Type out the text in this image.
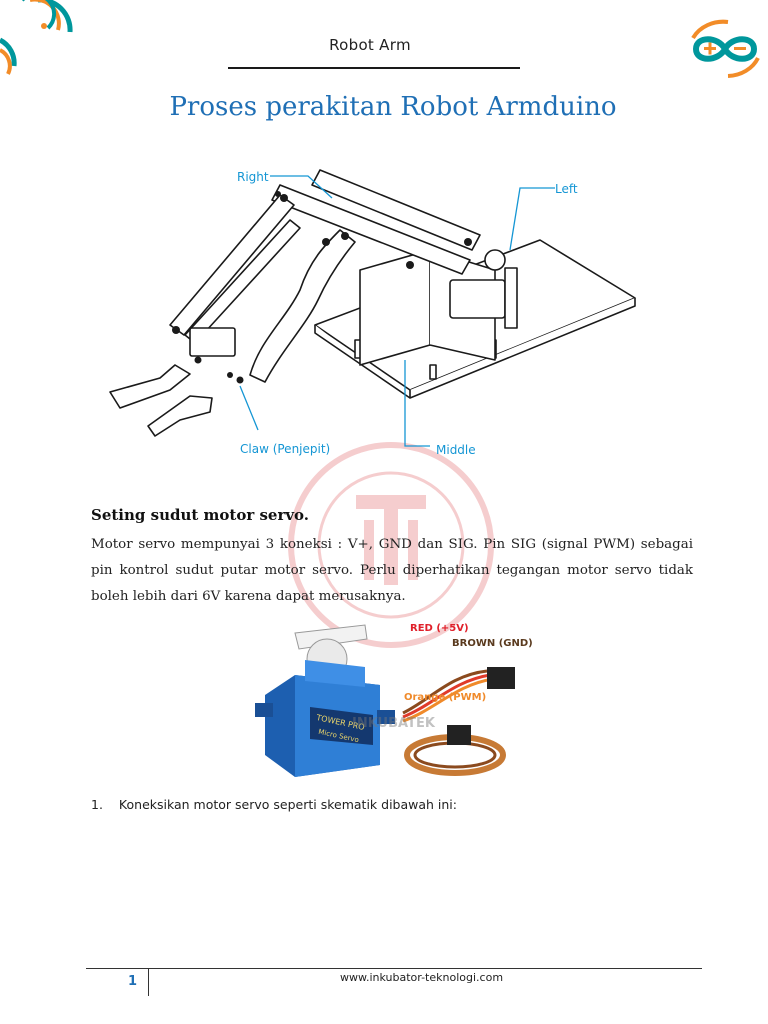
Robot Arm
Proses perakitan Robot Armduino
Right
Left
Claw (Penjepit)	Middle
Seting sudut motor servo.
Motor servo mempunyai 3 koneksi : V+, GND dan SIG. Pin SIG (signal PWM) sebagai pin kontrol sudut putar motor servo. Perlu diperhatikan tegangan motor servo tidak boleh lebih dari 6V karena dapat merusaknya.
RED (+5V)
BROWN (GND)
Orange (PWM)
TOWER PRO
Micro Servo
INKUBATEK
1. Koneksikan motor servo seperti skematik dibawah ini:
1	www.inkubator-teknologi.com
